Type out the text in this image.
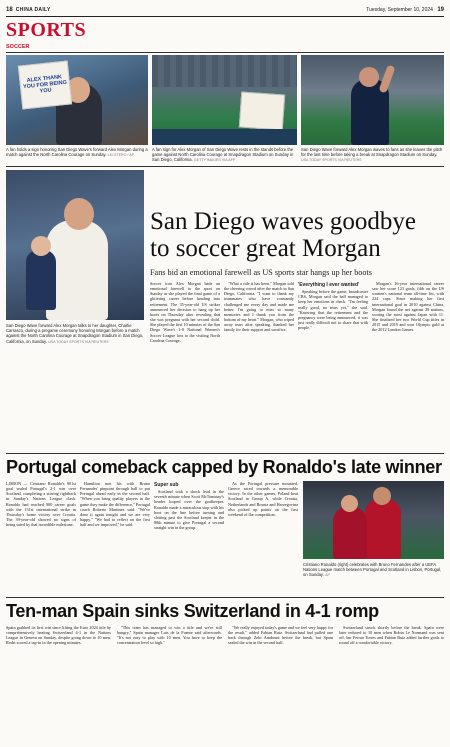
18 CHINA DAILY	Tuesday, September 10, 2024 19
SPORTS
SOCCER
ALEX THANK YOU FOR BEING YOU
A fan holds a sign honoring San Diego Wave's forward Alex Morgan during a match against the North Carolina Courage on Sunday. LM OTERO / AP
A fan sign for Alex Morgan of San Diego Wave rests in the stands before the game against North Carolina Courage at Snapdragon Stadium on Sunday in San Diego, California. GETTY IMAGES VIA AFP
San Diego Wave forward Alex Morgan waves to fans as she leaves the pitch for the last time before taking a break at Snapdragon Stadium on Sunday. USA TODAY SPORTS VIA REUTERS
San Diego Wave forward Alex Morgan talks to her daughter, Charlie Carrasco, during a pregame ceremony honoring Morgan before a match against the North Carolina Courage at Snapdragon Stadium in San Diego, California, on Sunday. USA TODAY SPORTS VIA REUTERS
San Diego waves goodbye to soccer great Morgan
Fans bid an emotional farewell as US sports star hangs up her boots

Soccer icon Alex Morgan bade an emotional farewell to the sport on Sunday as she played the final game of a glittering career before heading into retirement. The 35-year-old US striker announced her decision to hang up her boots on Thursday after revealing that she was pregnant with her second child. She played the first 10 minutes of the San Diego Wave's 1-0 National Women's Soccer League loss to the visiting North Carolina Courage.

"What a ride it has been," Morgan told the cheering crowd after the match in San Diego, California. "I want to thank my teammates who have constantly challenged me every day and made me better. I'm going to miss so many memories and I thank you from the bottom of my heart." Morgan, who wiped away tears after speaking, thanked her family for their support and sacrifice.

'Everything I ever wanted'

Speaking before the game, broadcaster CBS, Morgan said the ball managed to keep her emotions in check. "I'm feeling really good, no tears yet," she said. "Knowing that the retirement and the pregnancy were being announced, it was just really difficult not to share that with people."

Morgan's 16-year international career saw her score 123 goals, fifth on the US women's national team all-time list, with 224 caps. Since making her first international goal in 2010 against China, Morgan found the net against 28 nations, scoring the most against Japan with 11. She finalized her two World Cup titles in 2015 and 2019 and won Olympic gold at the 2012 London Games.

Portugal comeback capped by Ronaldo's late winner

LISBON — Cristiano Ronaldo's 901st goal sealed Portugal's 2-1 win over Scotland, completing a stirring fightback in Sunday's Nations League clash. Ronaldo had reached 900 career goals with the 131st international strike in Thursday's home victory over Croatia. The 39-year-old showed no signs of being sated by that incredible milestone.

Hamilton met his with Bruno Fernandes' pinpoint through ball to put Portugal ahead early in the second half. "When you bring quality players in the game they make the difference," Portugal coach Roberto Martinez said. "We've done it again tonight and we are very happy." "We had to reflect on the first half and we improved," he said.

Super sub

Scotland took a shock lead in the seventh minute when Scott McTominay's header looped over the goalkeeper. Ronaldo made a miraculous stop with his boot on the line before turning and slotting past the Scotland keeper in the 88th minute to give Portugal a second straight win in the group.

As the Portugal pressure mounted, Greece raced towards a memorable victory. In the other games, Poland beat Scotland in Group A, while Croatia, Netherlands and Bosnia and Herzegovina also picked up points on the first weekend of the competition.

Cristiano Ronaldo (right) celebrates with Bruno Fernandes after a UEFA Nations League match between Portugal and Scotland in Lisbon, Portugal, on Sunday. AP
Ten-man Spain sinks Switzerland in 4-1 romp

Spain grabbed its first win since lifting the Euro 2024 title by comprehensively beating Switzerland 4-1 in the Nations League in Geneva on Sunday, despite going down to 10 men. Rodri scored a tap-in in the opening minutes.

"This team has managed to win a title and we're still hungry," Spain manager Luis de la Fuente said afterwards. "It's not easy to play with 10 men. You have to keep the concentration level so high."

"We really enjoyed today's game and we feel very happy for the result," added Fabian Ruiz. Switzerland had pulled one back through Zeki Amdouni before the break, but Spain sealed the win in the second half.

Switzerland struck shortly before the break. Spain were later reduced to 10 men when Robin Le Normand was sent off, but Ferran Torres and Fabian Ruiz added further goals to round off a comfortable victory.
